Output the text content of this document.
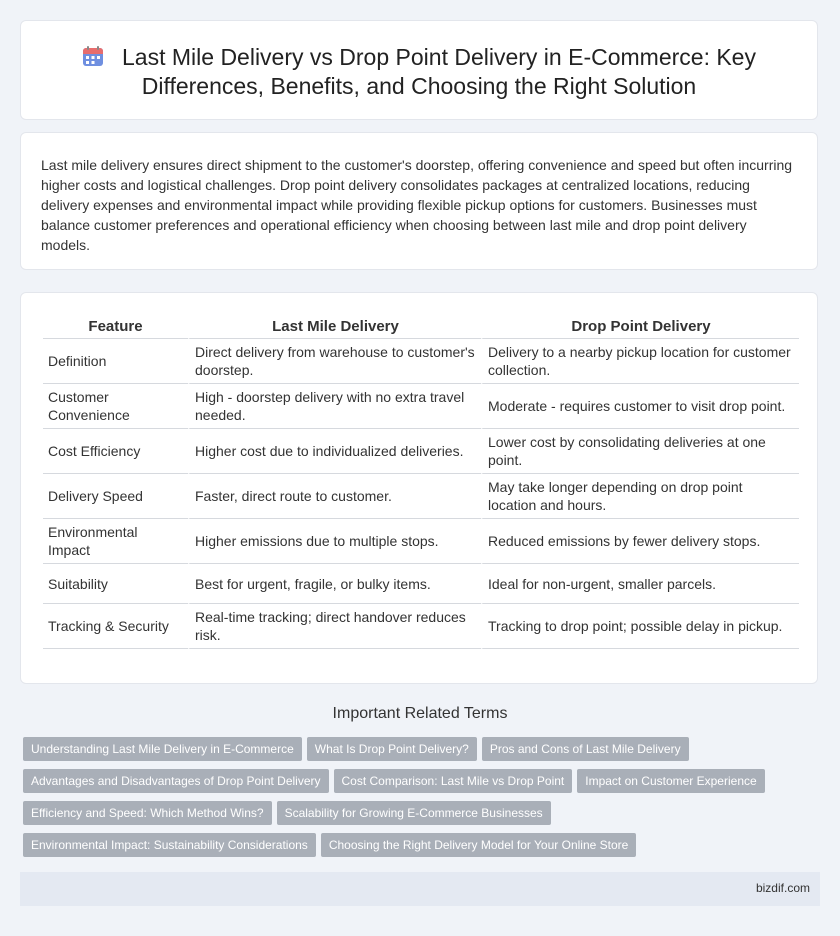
Last Mile Delivery vs Drop Point Delivery in E-Commerce: Key Differences, Benefits, and Choosing the Right Solution
Last mile delivery ensures direct shipment to the customer's doorstep, offering convenience and speed but often incurring higher costs and logistical challenges. Drop point delivery consolidates packages at centralized locations, reducing delivery expenses and environmental impact while providing flexible pickup options for customers. Businesses must balance customer preferences and operational efficiency when choosing between last mile and drop point delivery models.
Feature	Last Mile Delivery	Drop Point Delivery
Definition	Direct delivery from warehouse to customer's doorstep.	Delivery to a nearby pickup location for customer collection.
Customer Convenience	High - doorstep delivery with no extra travel needed.	Moderate - requires customer to visit drop point.
Cost Efficiency	Higher cost due to individualized deliveries.	Lower cost by consolidating deliveries at one point.
Delivery Speed	Faster, direct route to customer.	May take longer depending on drop point location and hours.
Environmental Impact	Higher emissions due to multiple stops.	Reduced emissions by fewer delivery stops.
Suitability	Best for urgent, fragile, or bulky items.	Ideal for non-urgent, smaller parcels.
Tracking & Security	Real-time tracking; direct handover reduces risk.	Tracking to drop point; possible delay in pickup.
Important Related Terms
Understanding Last Mile Delivery in E-Commerce What Is Drop Point Delivery? Pros and Cons of Last Mile Delivery
Advantages and Disadvantages of Drop Point Delivery Cost Comparison: Last Mile vs Drop Point Impact on Customer Experience
Efficiency and Speed: Which Method Wins? Scalability for Growing E-Commerce Businesses
Environmental Impact: Sustainability Considerations Choosing the Right Delivery Model for Your Online Store
bizdif.com
